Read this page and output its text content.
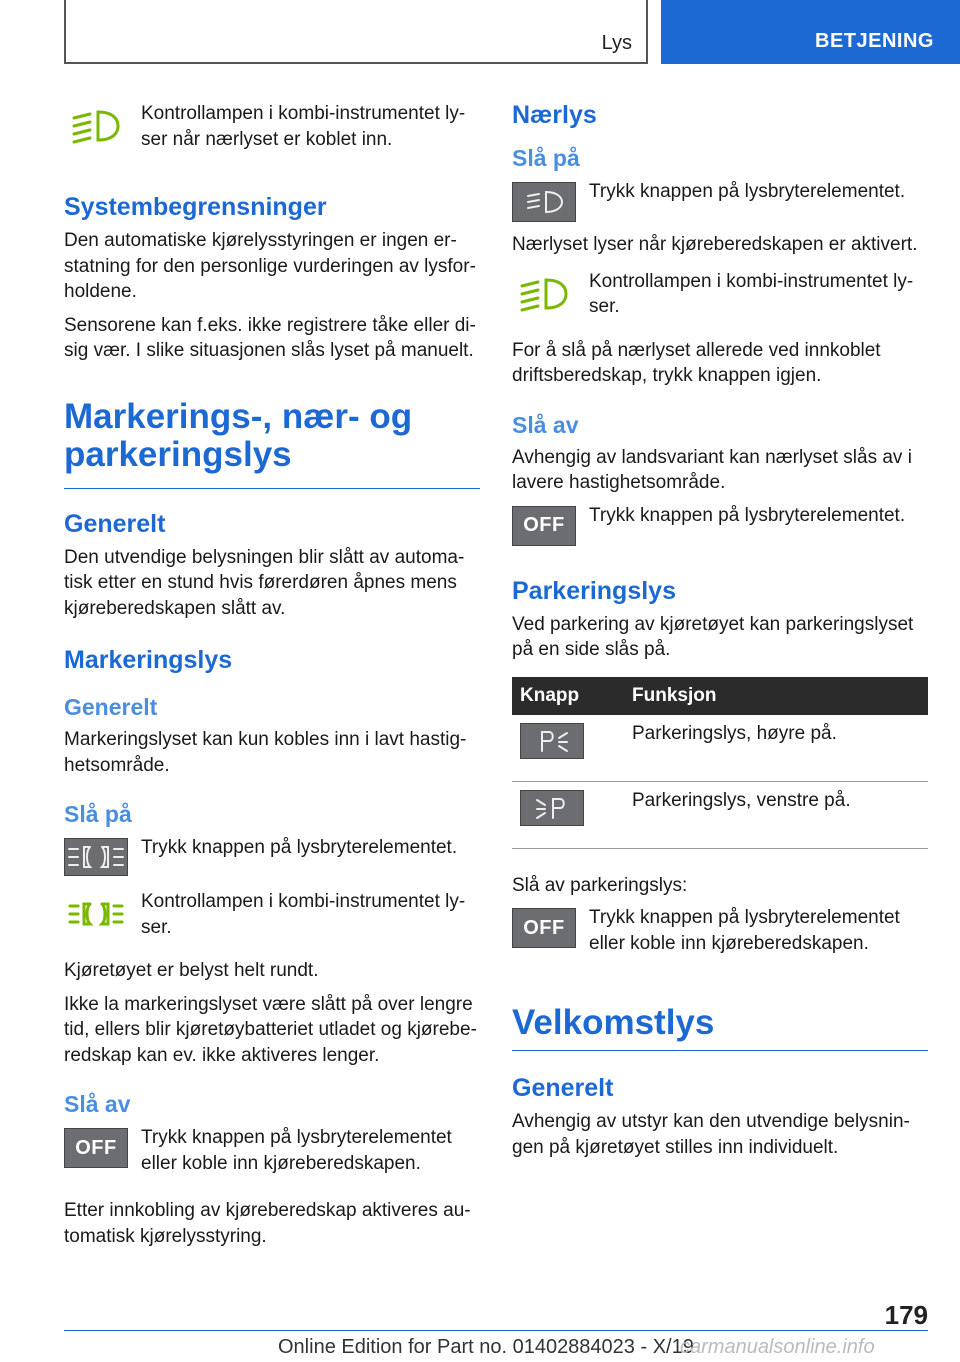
Lys	BETJENING

Kontrollampen i kombi-instrumentet lyser når nærlyset er koblet inn.

Systembegrensninger

Den automatiske kjørelysstyringen er ingen erstatning for den personlige vurderingen av lysforholdene.

Sensorene kan f.eks. ikke registrere tåke eller disig vær. I slike situasjonen slås lyset på manuelt.

Markerings-, nær- og parkeringslys
Generelt

Den utvendige belysningen blir slått av automatisk etter en stund hvis førerdøren åpnes mens kjøreberedskapen slått av.

Markeringslys
Generelt

Markeringslyset kan kun kobles inn i lavt hastighetsområde.

Slå på

Trykk knappen på lysbryterelementet.

Kontrollampen i kombi-instrumentet lyser.

Kjøretøyet er belyst helt rundt.

Ikke la markeringslyset være slått på over lengre tid, ellers blir kjøretøybatteriet utladet og kjøreberedskap kan ev. ikke aktiveres lenger.

Slå av
OFF Trykk knappen på lysbryterelementet eller koble inn kjøreberedskapen.

Etter innkobling av kjøreberedskap aktiveres automatisk kjørelysstyring.

Nærlys
Slå på

Trykk knappen på lysbryterelementet.

Nærlyset lyser når kjøreberedskapen er aktivert.

Kontrollampen i kombi-instrumentet lyser.

For å slå på nærlyset allerede ved innkoblet driftsberedskap, trykk knappen igjen.

Slå av

Avhengig av landsvariant kan nærlyset slås av i lavere hastighetsområde.

OFF Trykk knappen på lysbryterelementet.

Parkeringslys

Ved parkering av kjøretøyet kan parkeringslyset på en side slås på.

Knapp	Funksjon

	Parkeringslys, høyre på.

	Parkeringslys, venstre på.

Slå av parkeringslys:

OFF Trykk knappen på lysbryterelementet eller koble inn kjøreberedskapen.

Velkomstlys
Generelt

Avhengig av utstyr kan den utvendige belysningen på kjøretøyet stilles inn individuelt.

179
Online Edition for Part no. 01402884023 - X/19
carmanualsonline.info
